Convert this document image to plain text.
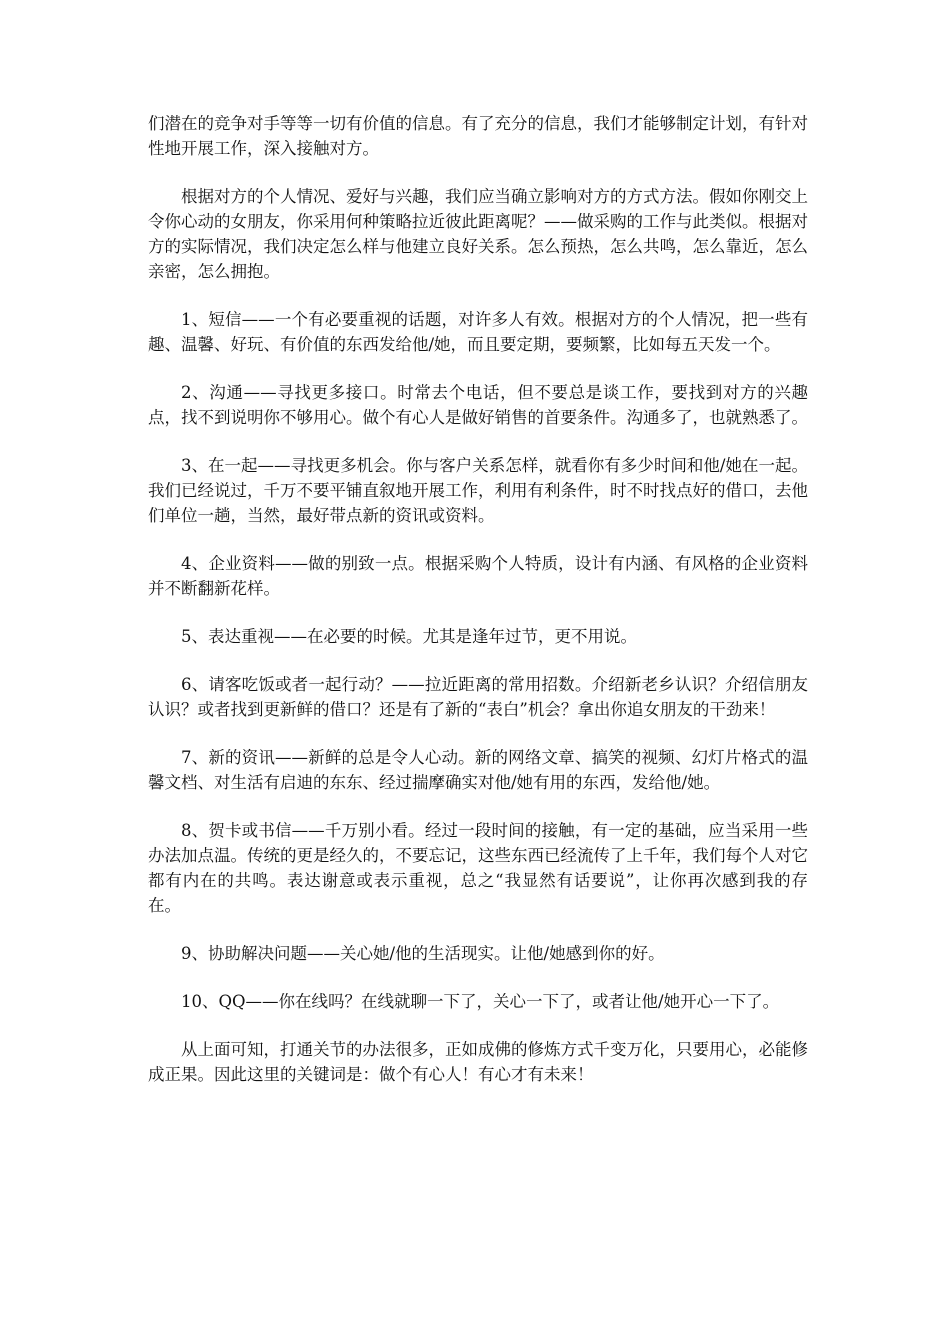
们潜在的竞争对手等等一切有价值的信息。有了充分的信息，我们才能够制定计划，有针对性地开展工作，深入接触对方。

根据对方的个人情况、爱好与兴趣，我们应当确立影响对方的方式方法。假如你刚交上令你心动的女朋友，你采用何种策略拉近彼此距离呢？——做采购的工作与此类似。根据对方的实际情况，我们决定怎么样与他建立良好关系。怎么预热，怎么共鸣，怎么靠近，怎么亲密，怎么拥抱。

1、短信——一个有必要重视的话题，对许多人有效。根据对方的个人情况，把一些有趣、温馨、好玩、有价值的东西发给他/她，而且要定期，要频繁，比如每五天发一个。

2、沟通——寻找更多接口。时常去个电话，但不要总是谈工作，要找到对方的兴趣点，找不到说明你不够用心。做个有心人是做好销售的首要条件。沟通多了，也就熟悉了。

3、在一起——寻找更多机会。你与客户关系怎样，就看你有多少时间和他/她在一起。我们已经说过，千万不要平铺直叙地开展工作，利用有利条件，时不时找点好的借口，去他们单位一趟，当然，最好带点新的资讯或资料。

4、企业资料——做的别致一点。根据采购个人特质，设计有内涵、有风格的企业资料并不断翻新花样。

5、表达重视——在必要的时候。尤其是逢年过节，更不用说。

6、请客吃饭或者一起行动？——拉近距离的常用招数。介绍新老乡认识？介绍信朋友认识？或者找到更新鲜的借口？还是有了新的“表白”机会？拿出你追女朋友的干劲来！

7、新的资讯——新鲜的总是令人心动。新的网络文章、搞笑的视频、幻灯片格式的温馨文档、对生活有启迪的东东、经过揣摩确实对他/她有用的东西，发给他/她。

8、贺卡或书信——千万别小看。经过一段时间的接触，有一定的基础，应当采用一些办法加点温。传统的更是经久的，不要忘记，这些东西已经流传了上千年，我们每个人对它都有内在的共鸣。表达谢意或表示重视，总之“我显然有话要说”，让你再次感到我的存在。

9、协助解决问题——关心她/他的生活现实。让他/她感到你的好。

10、QQ——你在线吗？在线就聊一下了，关心一下了，或者让他/她开心一下了。

从上面可知，打通关节的办法很多，正如成佛的修炼方式千变万化，只要用心，必能修成正果。因此这里的关键词是：做个有心人！有心才有未来！
